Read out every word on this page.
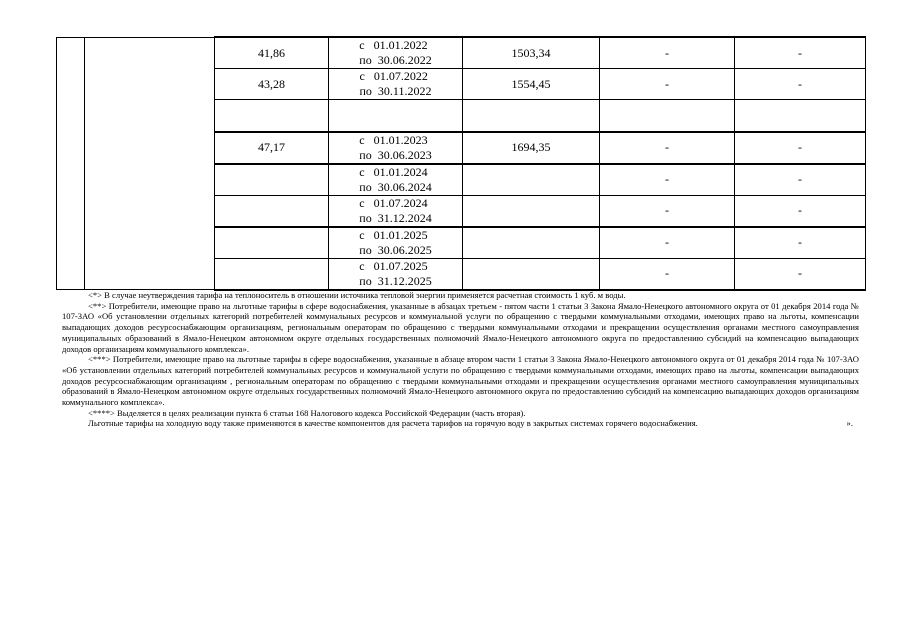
		41,86	с   01.01.2022
по  30.06.2022	1503,34	-	-
		43,28	с   01.07.2022
по  30.11.2022	1554,45	-	-

		47,17	с   01.01.2023
по  30.06.2023	1694,35	-	-

			с   01.01.2024
по  30.06.2024		-	-

			с   01.07.2024
по  31.12.2024		-	-

			с   01.01.2025
по  30.06.2025		-	-

			с   01.07.2025
по  31.12.2025		-	-

<*> В случае неутверждения тарифа на теплоноситель в отношении источника тепловой энергии применяется расчетная стоимость 1 куб. м воды.

<**> Потребители, имеющие право на льготные тарифы в сфере водоснабжения, указанные в абзацах третьем - пятом части 1 статьи 3 Закона Ямало-Ненецкого автономного округа от 01 декабря 2014 года № 107-ЗАО «Об установлении отдельных категорий потребителей коммунальных ресурсов и коммунальной услуги по обращению с твердыми коммунальными отходами, имеющих право на льготы, компенсации выпадающих доходов ресурсоснабжающим организациям, региональным операторам по обращению с твердыми коммунальными отходами и прекращении осуществления органами местного самоуправления муниципальных образований в Ямало-Ненецком автономном округе отдельных государственных полномочий Ямало-Ненецкого автономного округа по предоставлению субсидий на компенсацию выпадающих доходов организациям коммунального комплекса».

<***> Потребители, имеющие право на льготные тарифы в сфере водоснабжения, указанные в абзаце втором части 1 статьи 3 Закона Ямало-Ненецкого автономного округа от 01 декабря 2014 года № 107-ЗАО «Об установлении отдельных категорий потребителей коммунальных ресурсов и коммунальной услуги по обращению с твердыми коммунальными отходами, имеющих право на льготы, компенсации выпадающих доходов ресурсоснабжающим организациям , региональным операторам по обращению с твердыми коммунальными отходами и прекращении осуществления органами местного самоуправления муниципальных образований в Ямало-Ненецком автономном округе отдельных государственных полномочий Ямало-Ненецкого автономного округа по предоставлению субсидий на компенсацию выпадающих доходов организациям коммунального комплекса».

<****> Выделяется в целях реализации пункта 6 статьи 168 Налогового кодекса Российской Федерации (часть вторая).

Льготные тарифы на холодную воду также применяются в качестве компонентов для расчета тарифов на горячую воду в закрытых системах горячего водоснабжения.	».
